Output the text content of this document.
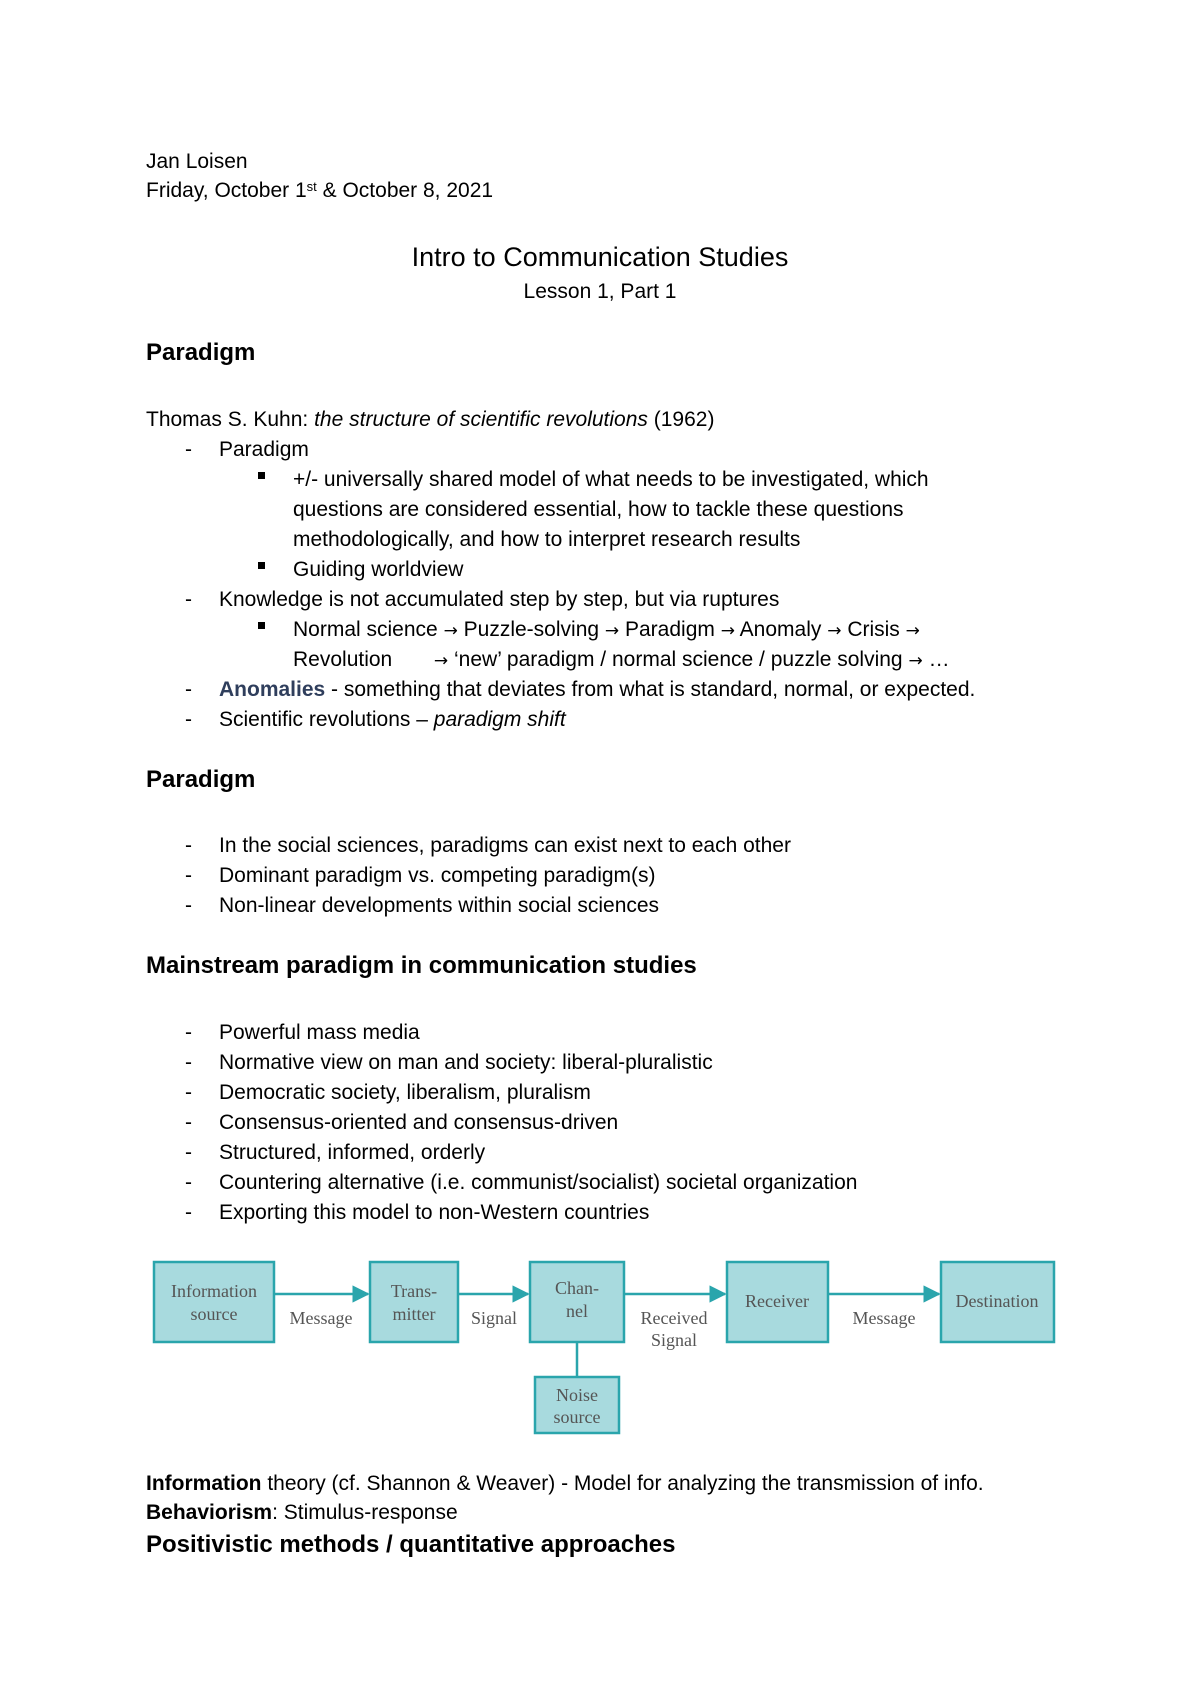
Jan Loisen
Friday, October 1st & October 8, 2021
Intro to Communication Studies
Lesson 1, Part 1
Paradigm
Thomas S. Kuhn: the structure of scientific revolutions (1962)
- Paradigm
+/- universally shared model of what needs to be investigated, which
questions are considered essential, how to tackle these questions
methodologically, and how to interpret research results
Guiding worldview
- Knowledge is not accumulated step by step, but via ruptures
Normal science → Puzzle-solving → Paradigm → Anomaly → Crisis →
Revolution → ‘new’ paradigm / normal science / puzzle solving → …
- Anomalies - something that deviates from what is standard, normal, or expected.
- Scientific revolutions – paradigm shift
Paradigm
- In the social sciences, paradigms can exist next to each other
- Dominant paradigm vs. competing paradigm(s)
- Non-linear developments within social sciences
Mainstream paradigm in communication studies
- Powerful mass media
- Normative view on man and society: liberal-pluralistic
- Democratic society, liberalism, pluralism
- Consensus-oriented and consensus-driven
- Structured, informed, orderly
- Countering alternative (i.e. communist/socialist) societal organization
- Exporting this model to non-Western countries
Information
source
Trans-
mitter
Chan-
nel	Receiver	Destination
Noise
source
Message	Signal	Received
Signal
Message
Information theory (cf. Shannon & Weaver) - Model for analyzing the transmission of info.
Behaviorism: Stimulus-response
Positivistic methods / quantitative approaches
